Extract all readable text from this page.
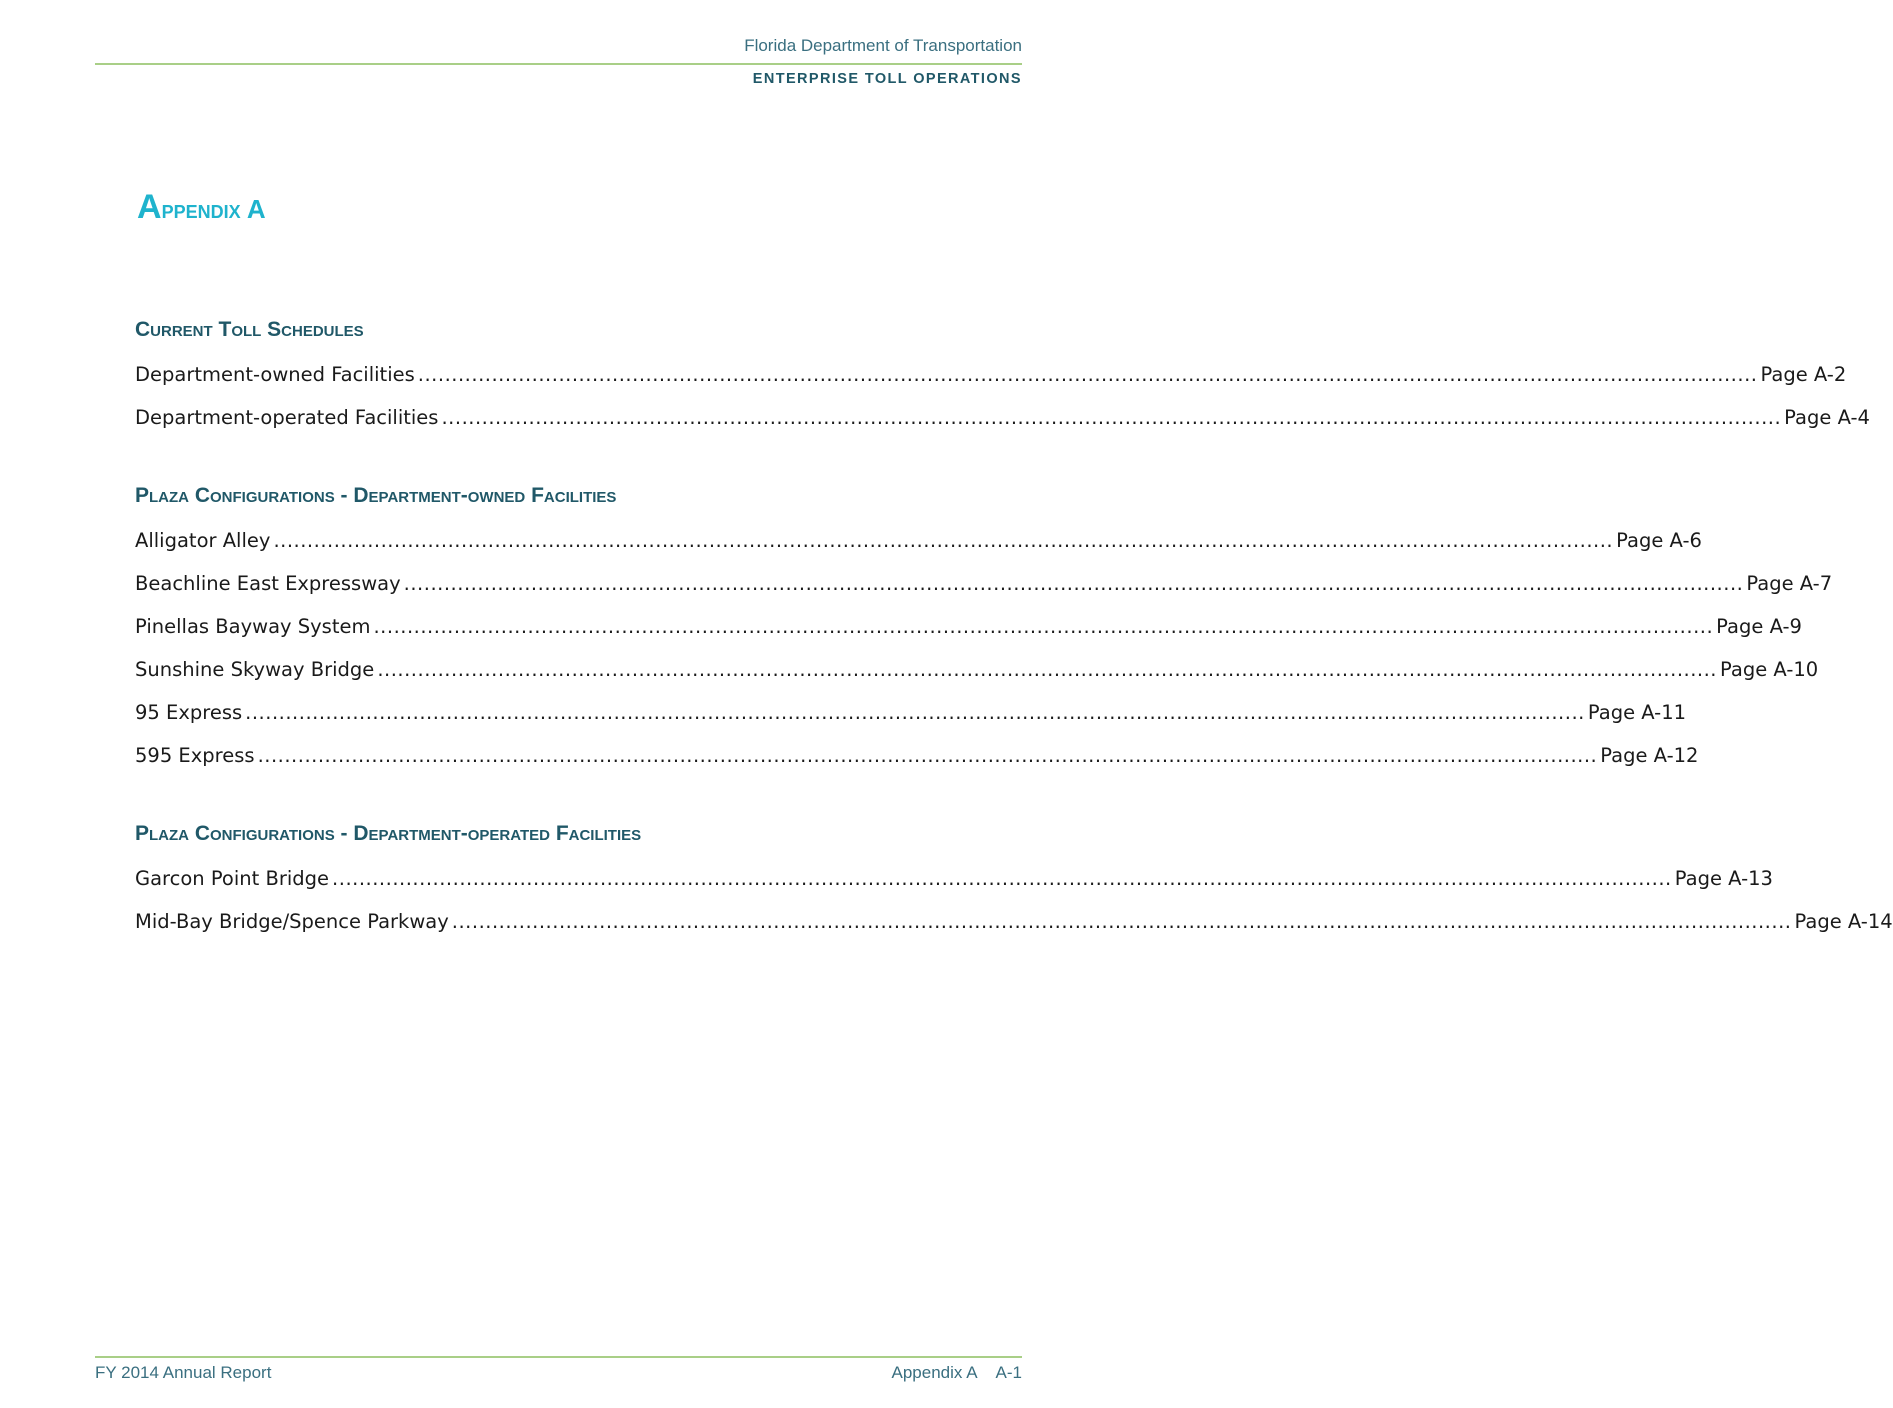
Florida Department of Transportation
ENTERPRISE TOLL OPERATIONS
Appendix A
Current Toll Schedules
Department-owned Facilities ........................................................................................................................................................................................................ Page A-2
Department-operated Facilities ........................................................................................................................................................................................................ Page A-4
Plaza Configurations - Department-owned Facilities
Alligator Alley ........................................................................................................................................................................................................ Page A-6
Beachline East Expressway ........................................................................................................................................................................................................ Page A-7
Pinellas Bayway System ........................................................................................................................................................................................................ Page A-9
Sunshine Skyway Bridge ........................................................................................................................................................................................................ Page A-10
95 Express ........................................................................................................................................................................................................ Page A-11
595 Express ........................................................................................................................................................................................................ Page A-12
Plaza Configurations - Department-operated Facilities
Garcon Point Bridge ........................................................................................................................................................................................................ Page A-13
Mid-Bay Bridge/Spence Parkway ........................................................................................................................................................................................................ Page A-14
FY 2014 Annual Report	Appendix A A-1
